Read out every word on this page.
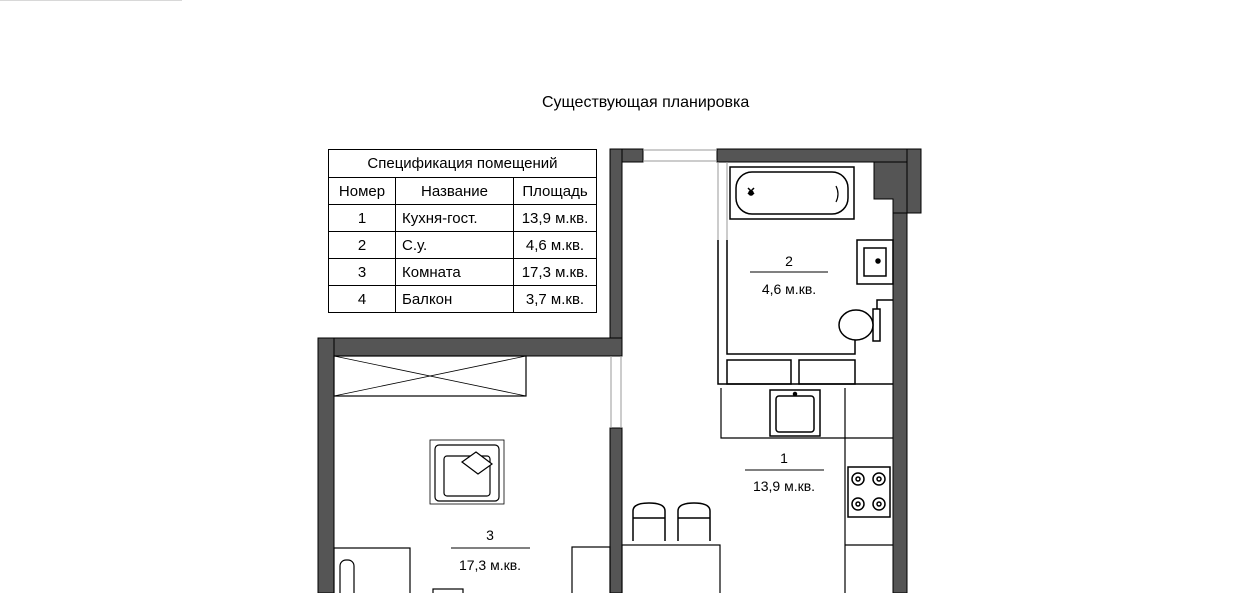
Существующая планировка
2
4,6 м.кв.
1
13,9 м.кв.
3
17,3 м.кв.
Спецификация помещений		
Номер	Название	Площадь
1	Кухня-гост.	13,9 м.кв.
2	С.у.	4,6 м.кв.
3	Комната	17,3 м.кв.
4	Балкон	3,7 м.кв.
